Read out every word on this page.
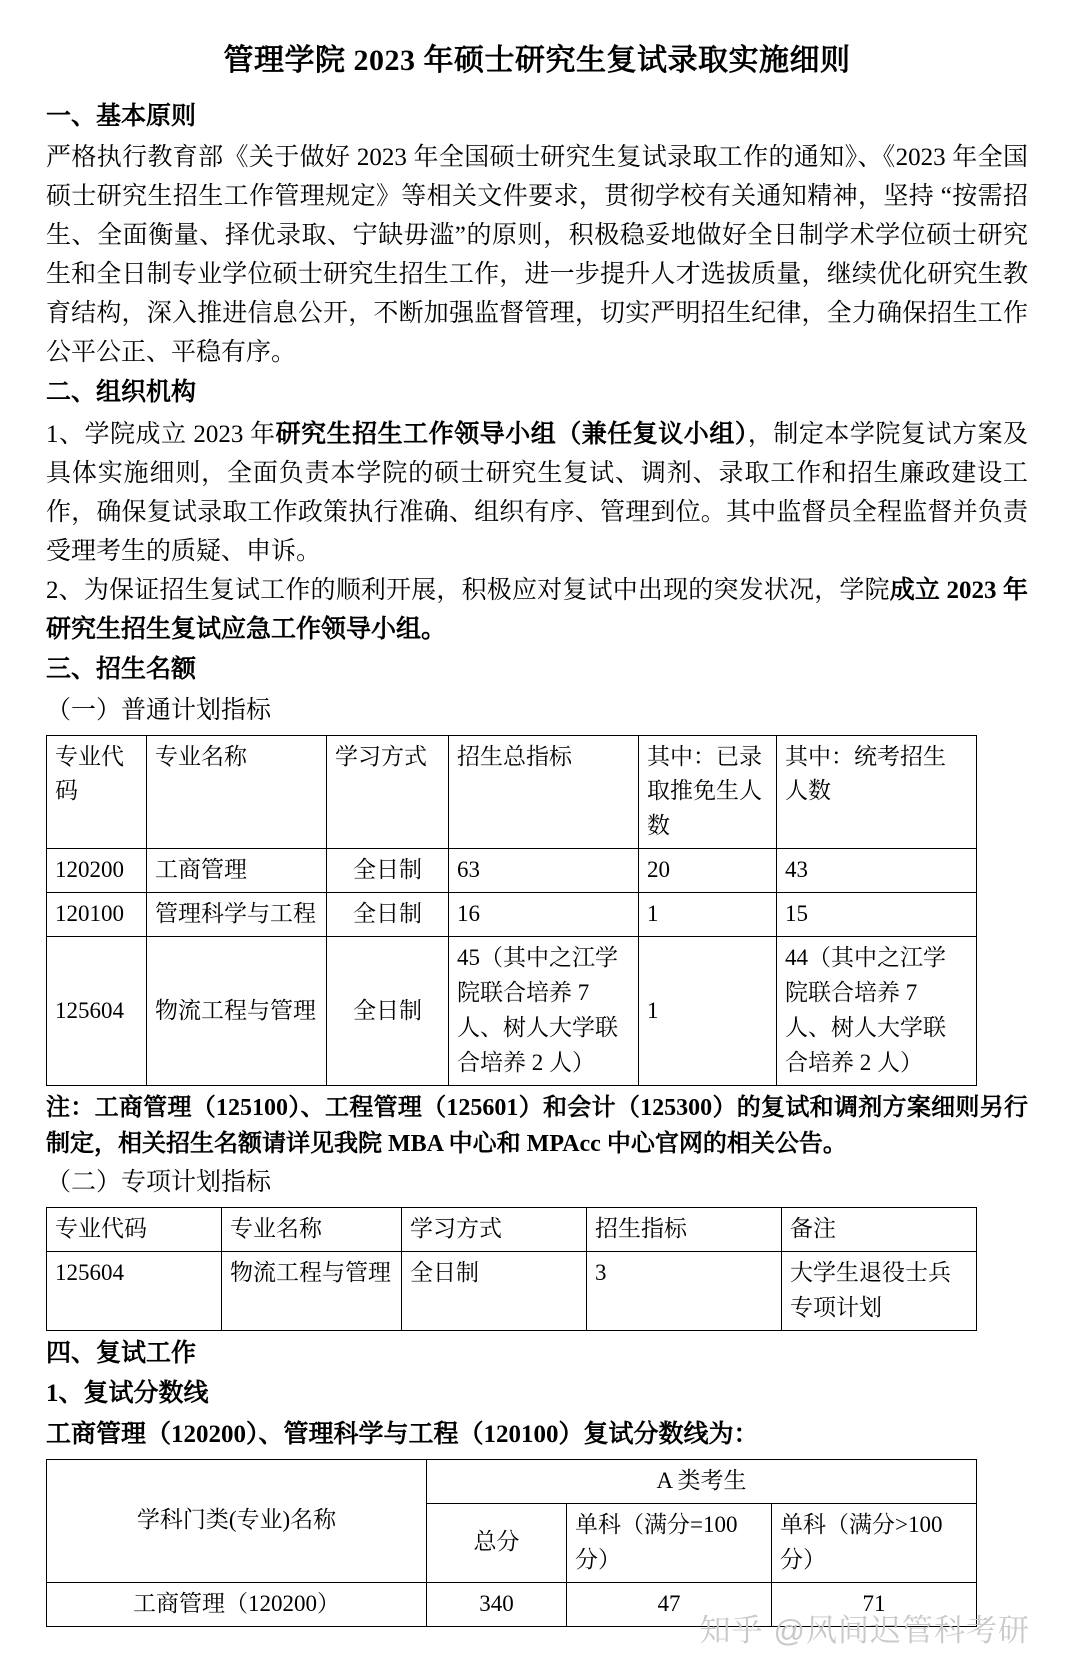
管理学院 2023 年硕士研究生复试录取实施细则
一、基本原则

严格执行教育部《关于做好 2023 年全国硕士研究生复试录取工作的通知》、《2023 年全国硕士研究生招生工作管理规定》等相关文件要求，贯彻学校有关通知精神，坚持 “按需招生、全面衡量、择优录取、宁缺毋滥”的原则，积极稳妥地做好全日制学术学位硕士研究生和全日制专业学位硕士研究生招生工作，进一步提升人才选拔质量，继续优化研究生教育结构，深入推进信息公开，不断加强监督管理，切实严明招生纪律，全力确保招生工作公平公正、平稳有序。

二、组织机构

1、学院成立 2023 年研究生招生工作领导小组（兼任复议小组），制定本学院复试方案及具体实施细则，全面负责本学院的硕士研究生复试、调剂、录取工作和招生廉政建设工作，确保复试录取工作政策执行准确、组织有序、管理到位。其中监督员全程监督并负责受理考生的质疑、申诉。

2、为保证招生复试工作的顺利开展，积极应对复试中出现的突发状况，学院成立 2023 年研究生招生复试应急工作领导小组。

三、招生名额
（一）普通计划指标
专业代码	专业名称	学习方式	招生总指标	其中：已录取推免生人数	其中：统考招生人数
120200	工商管理	全日制	63	20	43
120100	管理科学与工程	全日制	16	1	15
125604	物流工程与管理	全日制	45（其中之江学院联合培养 7 人、树人大学联合培养 2 人）	1	44（其中之江学院联合培养 7 人、树人大学联合培养 2 人）
注：工商管理（125100）、工程管理（125601）和会计（125300）的复试和调剂方案细则另行制定，相关招生名额请详见我院 MBA 中心和 MPAcc 中心官网的相关公告。
（二）专项计划指标
专业代码	专业名称	学习方式	招生指标	备注
125604	物流工程与管理	全日制	3	大学生退役士兵专项计划
四、复试工作
1、复试分数线
工商管理（120200）、管理科学与工程（120100）复试分数线为：
学科门类(专业)名称	A 类考生		
	总分	单科（满分=100分）	单科（满分>100分）
工商管理（120200）	340	47	71
知乎 @风间迟管科考研
